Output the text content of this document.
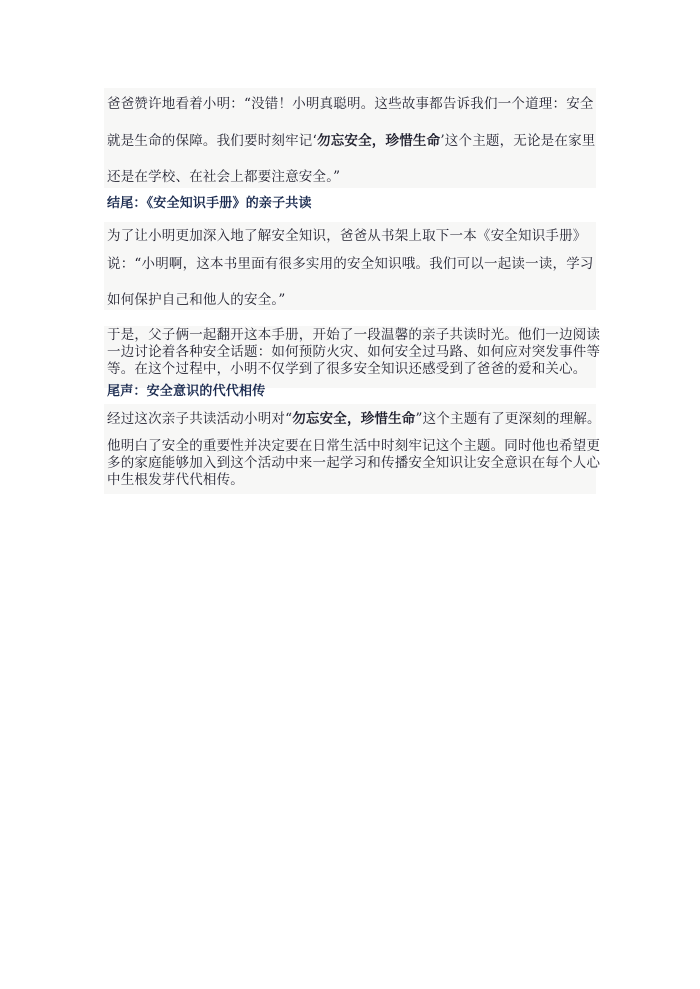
爸爸赞许地看着小明：“没错！小明真聪明。这些故事都告诉我们一个道理：安全
就是生命的保障。我们要时刻牢记‘勿忘安全，珍惜生命’这个主题，无论是在家里
还是在学校、在社会上都要注意安全。”
结尾：《安全知识手册》的亲子共读
为了让小明更加深入地了解安全知识，爸爸从书架上取下一本《安全知识手册》
说：“小明啊，这本书里面有很多实用的安全知识哦。我们可以一起读一读，学习
如何保护自己和他人的安全。”
于是，父子俩一起翻开这本手册，开始了一段温馨的亲子共读时光。他们一边阅读
一边讨论着各种安全话题：如何预防火灾、如何安全过马路、如何应对突发事件等
等。在这个过程中，小明不仅学到了很多安全知识还感受到了爸爸的爱和关心。
尾声：安全意识的代代相传
经过这次亲子共读活动小明对“勿忘安全，珍惜生命”这个主题有了更深刻的理解。
他明白了安全的重要性并决定要在日常生活中时刻牢记这个主题。同时他也希望更
多的家庭能够加入到这个活动中来一起学习和传播安全知识让安全意识在每个人心
中生根发芽代代相传。
